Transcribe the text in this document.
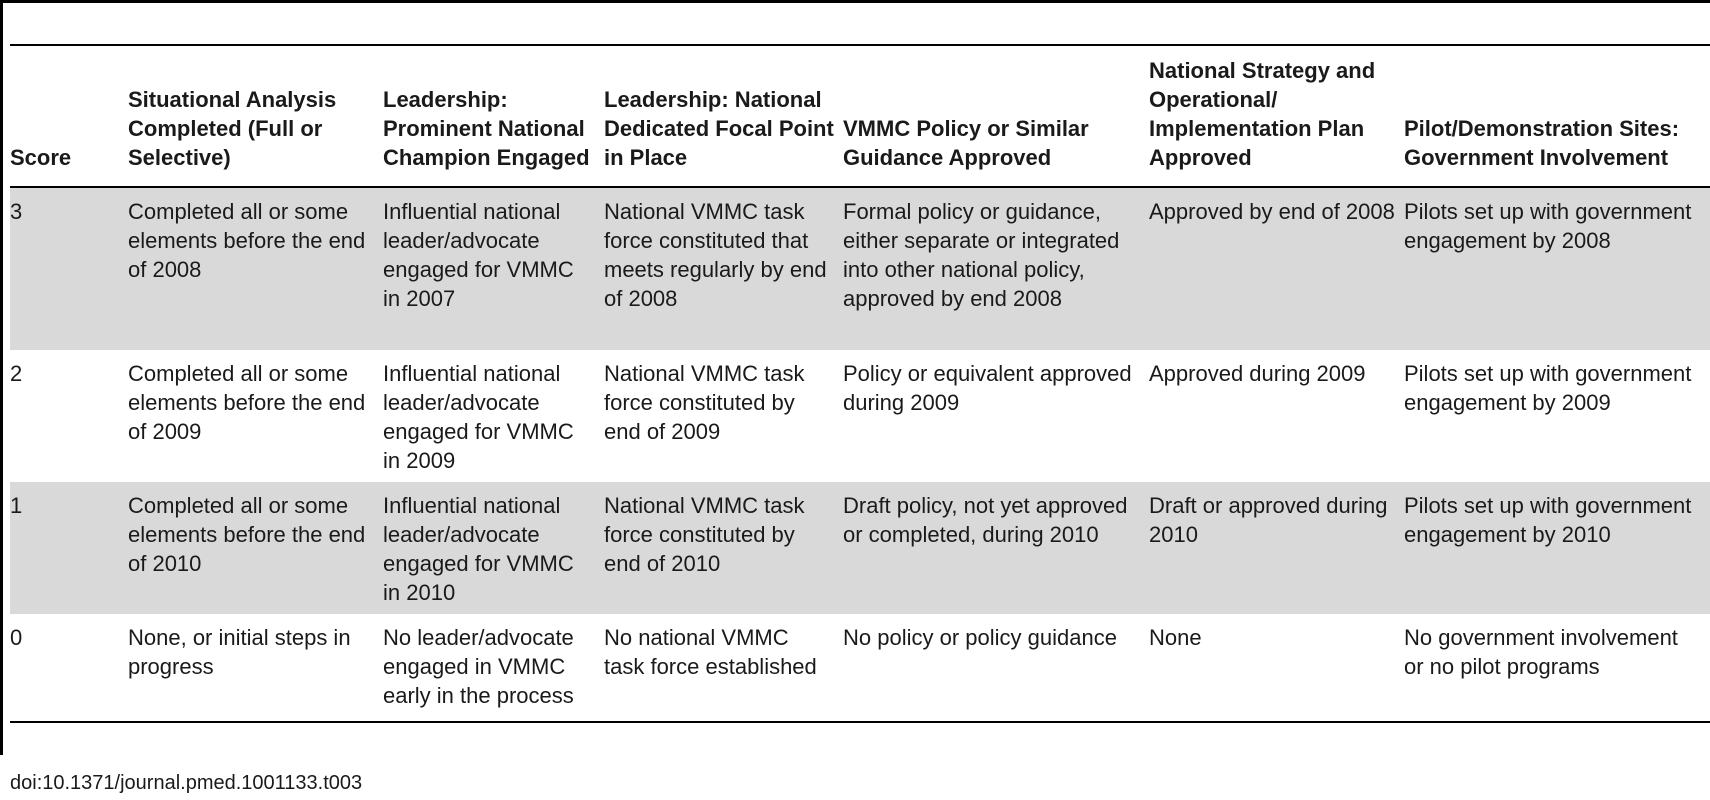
Score	Situational Analysis Completed (Full or Selective)	Leadership: Prominent National Champion Engaged	Leadership: National Dedicated Focal Point in Place	VMMC Policy or Similar Guidance Approved	National Strategy and Operational/ Implementation Plan Approved	Pilot/Demonstration Sites: Government Involvement
3	Completed all or some elements before the end of 2008	Influential national leader/advocate engaged for VMMC in 2007	National VMMC task force constituted that meets regularly by end of 2008	Formal policy or guidance, either separate or integrated into other national policy, approved by end 2008	Approved by end of 2008	Pilots set up with government engagement by 2008
2	Completed all or some elements before the end of 2009	Influential national leader/advocate engaged for VMMC in 2009	National VMMC task force constituted by end of 2009	Policy or equivalent approved during 2009	Approved during 2009	Pilots set up with government engagement by 2009
1	Completed all or some elements before the end of 2010	Influential national leader/advocate engaged for VMMC in 2010	National VMMC task force constituted by end of 2010	Draft policy, not yet approved or completed, during 2010	Draft or approved during 2010	Pilots set up with government engagement by 2010
0	None, or initial steps in progress	No leader/advocate engaged in VMMC early in the process	No national VMMC task force established	No policy or policy guidance	None	No government involvement or no pilot programs
doi:10.1371/journal.pmed.1001133.t003
